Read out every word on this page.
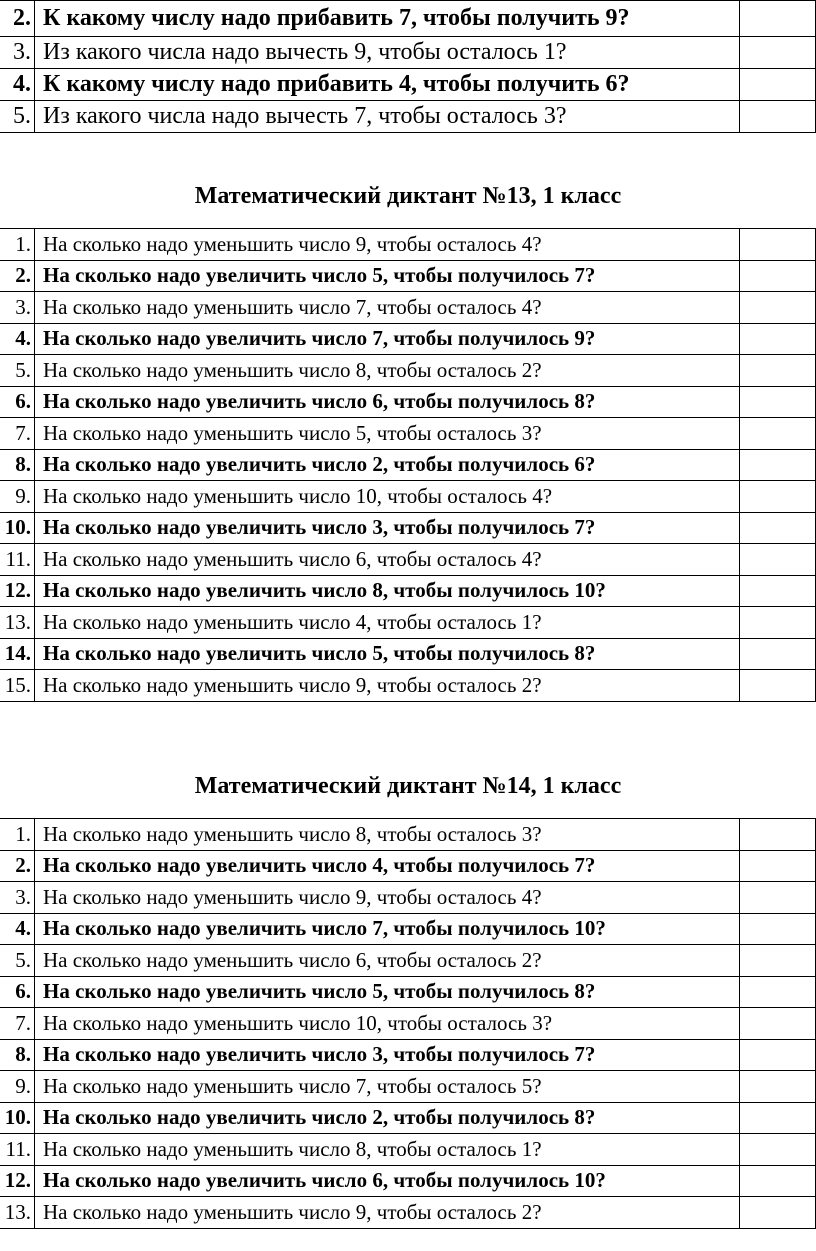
2.	К какому числу надо прибавить 7, чтобы получить 9?	
3.	Из какого числа надо вычесть 9, чтобы осталось 1?	
4.	К какому числу надо прибавить 4, чтобы получить 6?	
5.	Из какого числа надо вычесть 7, чтобы осталось 3?	
Математический диктант №13, 1 класс
1.	На сколько надо уменьшить число 9, чтобы осталось 4?	
2.	На сколько надо увеличить число 5, чтобы получилось 7?	
3.	На сколько надо уменьшить число 7, чтобы осталось 4?	
4.	На сколько надо увеличить число 7, чтобы получилось 9?	
5.	На сколько надо уменьшить число 8, чтобы осталось 2?	
6.	На сколько надо увеличить число 6, чтобы получилось 8?	
7.	На сколько надо уменьшить число 5, чтобы осталось 3?	
8.	На сколько надо увеличить число 2, чтобы получилось 6?	
9.	На сколько надо уменьшить число 10, чтобы осталось 4?	
10.	На сколько надо увеличить число 3, чтобы получилось 7?	
11.	На сколько надо уменьшить число 6, чтобы осталось 4?	
12.	На сколько надо увеличить число 8, чтобы получилось 10?	
13.	На сколько надо уменьшить число 4, чтобы осталось 1?	
14.	На сколько надо увеличить число 5, чтобы получилось 8?	
15.	На сколько надо уменьшить число 9, чтобы осталось 2?	
Математический диктант №14, 1 класс
1.	На сколько надо уменьшить число 8, чтобы осталось 3?	
2.	На сколько надо увеличить число 4, чтобы получилось 7?	
3.	На сколько надо уменьшить число 9, чтобы осталось 4?	
4.	На сколько надо увеличить число 7, чтобы получилось 10?	
5.	На сколько надо уменьшить число 6, чтобы осталось 2?	
6.	На сколько надо увеличить число 5, чтобы получилось 8?	
7.	На сколько надо уменьшить число 10, чтобы осталось 3?	
8.	На сколько надо увеличить число 3, чтобы получилось 7?	
9.	На сколько надо уменьшить число 7, чтобы осталось 5?	
10.	На сколько надо увеличить число 2, чтобы получилось 8?	
11.	На сколько надо уменьшить число 8, чтобы осталось 1?	
12.	На сколько надо увеличить число 6, чтобы получилось 10?	
13.	На сколько надо уменьшить число 9, чтобы осталось 2?	
